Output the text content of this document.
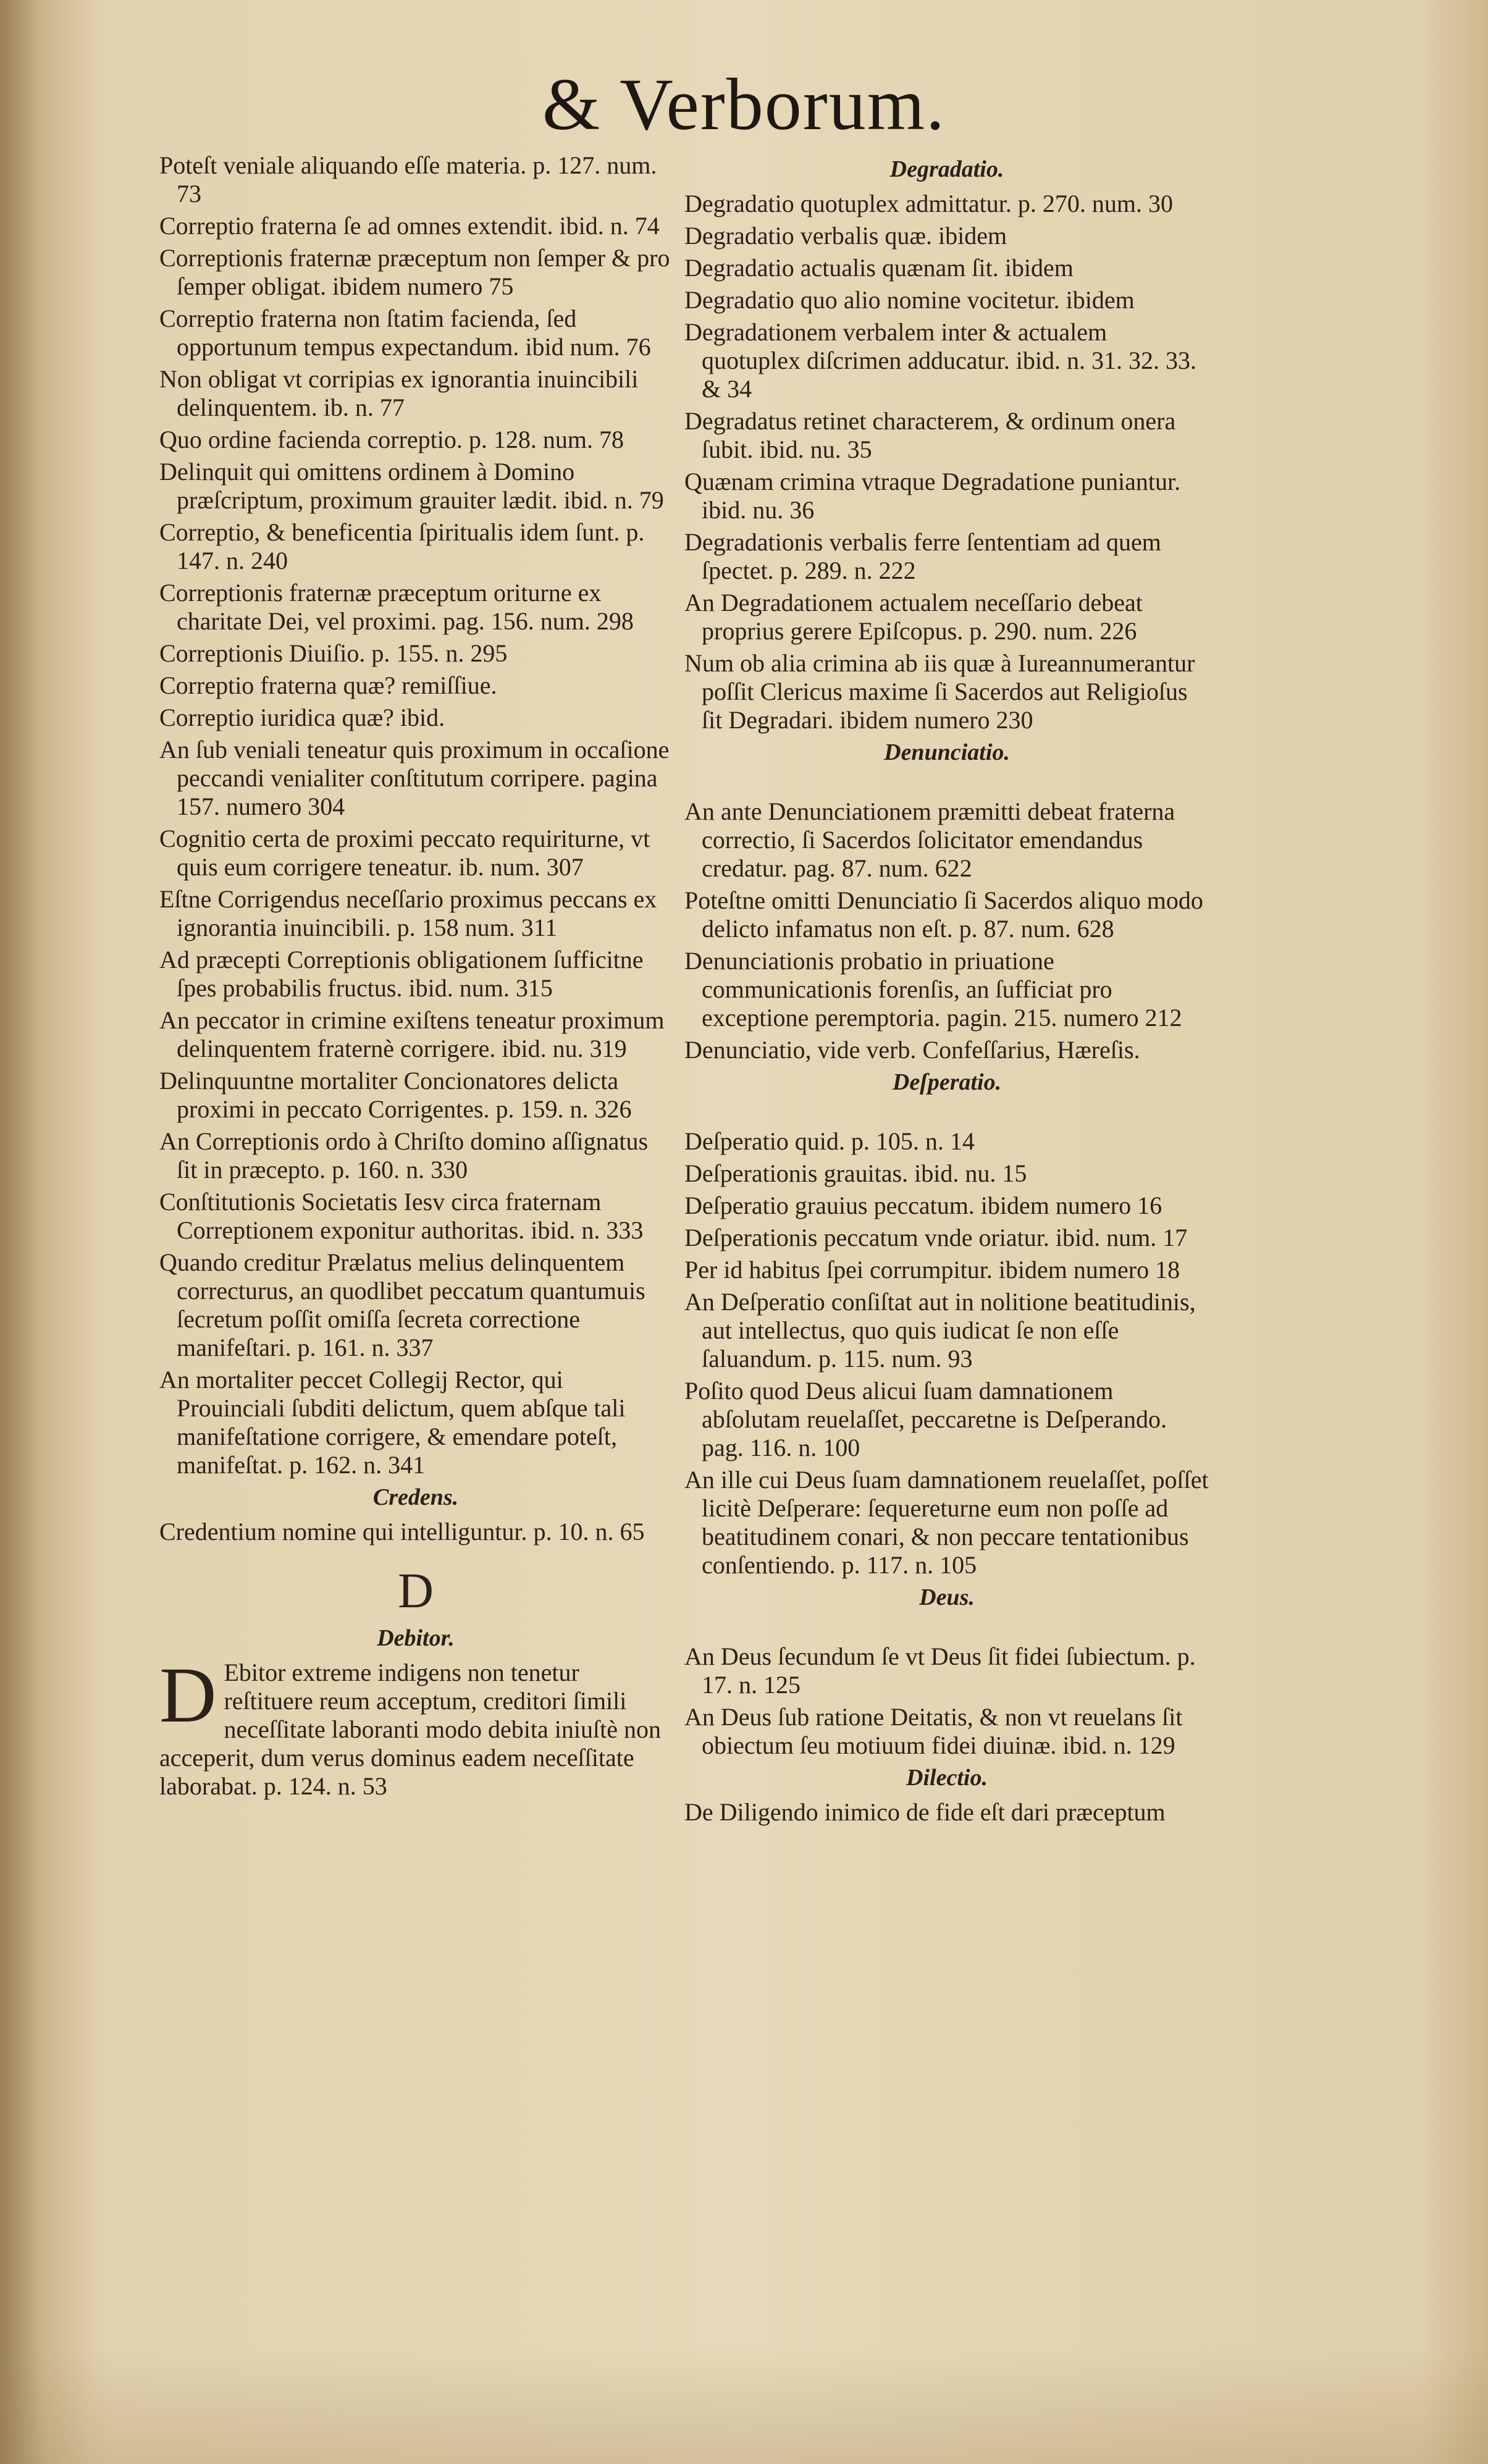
& Verborum.
Poteſt veniale aliquando eſſe materia. p. 127. num. 73
Correptio fraterna ſe ad omnes extendit. ibid. n. 74
Correptionis fraternæ præceptum non ſemper & pro ſemper obligat. ibidem numero 75
Correptio fraterna non ſtatim facienda, ſed opportunum tempus expectandum. ibid num. 76
Non obligat vt corripias ex ignorantia inuincibili delinquentem. ib. n. 77
Quo ordine facienda correptio. p. 128. num. 78
Delinquit qui omittens ordinem à Domino præſcriptum, proximum grauiter lædit. ibid. n. 79
Correptio, & beneficentia ſpiritualis idem ſunt. p. 147. n. 240
Correptionis fraternæ præceptum oriturne ex charitate Dei, vel proximi. pag. 156. num. 298
Correptionis Diuiſio. p. 155. n. 295
Correptio fraterna quæ? remiſſiue.
Correptio iuridica quæ? ibid.
An ſub veniali teneatur quis proximum in occaſione peccandi venialiter conſtitutum corripere. pagina 157. numero 304
Cognitio certa de proximi peccato requiriturne, vt quis eum corrigere teneatur. ib. num. 307
Eſtne Corrigendus neceſſario proximus peccans ex ignorantia inuincibili. p. 158 num. 311
Ad præcepti Correptionis obligationem ſufficitne ſpes probabilis fructus. ibid. num. 315
An peccator in crimine exiſtens teneatur proximum delinquentem fraternè corrigere. ibid. nu. 319
Delinquuntne mortaliter Concionatores delicta proximi in peccato Corrigentes. p. 159. n. 326
An Correptionis ordo à Chriſto domino aſſignatus ſit in præcepto. p. 160. n. 330
Conſtitutionis Societatis Iesv circa fraternam Correptionem exponitur authoritas. ibid. n. 333
Quando creditur Prælatus melius delinquentem correcturus, an quodlibet peccatum quantumuis ſecretum poſſit omiſſa ſecreta correctione manifeſtari. p. 161. n. 337
An mortaliter peccet Collegij Rector, qui Prouinciali ſubditi delictum, quem abſque tali manifeſtatione corrigere, & emendare poteſt, manifeſtat. p. 162. n. 341
Credens.
Credentium nomine qui intelliguntur. p. 10. n. 65
D
Debitor.
D Ebitor extreme indigens non tenetur reſtituere reum acceptum, creditori ſimili neceſſitate laboranti modo debita iniuſtè non acceperit, dum verus dominus eadem neceſſitate laborabat. p. 124. n. 53
Degradatio.
Degradatio quotuplex admittatur. p. 270. num. 30
Degradatio verbalis quæ. ibidem
Degradatio actualis quænam ſit. ibidem
Degradatio quo alio nomine vocitetur. ibidem
Degradationem verbalem inter & actualem quotuplex diſcrimen adducatur. ibid. n. 31. 32. 33. & 34
Degradatus retinet characterem, & ordinum onera ſubit. ibid. nu. 35
Quænam crimina vtraque Degradatione puniantur. ibid. nu. 36
Degradationis verbalis ferre ſententiam ad quem ſpectet. p. 289. n. 222
An Degradationem actualem neceſſario debeat proprius gerere Epiſcopus. p. 290. num. 226
Num ob alia crimina ab iis quæ à Iureannumerantur poſſit Clericus maxime ſi Sacerdos aut Religioſus ſit Degradari. ibidem numero 230
Denunciatio.
An ante Denunciationem præmitti debeat fraterna correctio, ſi Sacerdos ſolicitator emendandus credatur. pag. 87. num. 622
Poteſtne omitti Denunciatio ſi Sacerdos aliquo modo delicto infamatus non eſt. p. 87. num. 628
Denunciationis probatio in priuatione communicationis forenſis, an ſufficiat pro exceptione peremptoria. pagin. 215. numero 212
Denunciatio, vide verb. Confeſſarius, Hæreſis.
Deſperatio.
Deſperatio quid. p. 105. n. 14
Deſperationis grauitas. ibid. nu. 15
Deſperatio grauius peccatum. ibidem numero 16
Deſperationis peccatum vnde oriatur. ibid. num. 17
Per id habitus ſpei corrumpitur. ibidem numero 18
An Deſperatio conſiſtat aut in nolitione beatitudinis, aut intellectus, quo quis iudicat ſe non eſſe ſaluandum. p. 115. num. 93
Poſito quod Deus alicui ſuam damnationem abſolutam reuelaſſet, peccaretne is Deſperando. pag. 116. n. 100
An ille cui Deus ſuam damnationem reuelaſſet, poſſet licitè Deſperare: ſequereturne eum non poſſe ad beatitudinem conari, & non peccare tentationibus conſentiendo. p. 117. n. 105
Deus.
An Deus ſecundum ſe vt Deus ſit fidei ſubiectum. p. 17. n. 125
An Deus ſub ratione Deitatis, & non vt reuelans ſit obiectum ſeu motiuum fidei diuinæ. ibid. n. 129
Dilectio.
De Diligendo inimico de fide eſt dari præceptum
